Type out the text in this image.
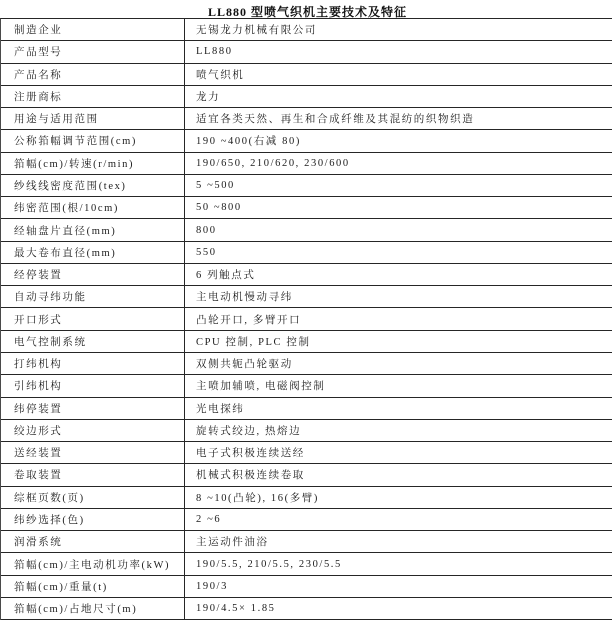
LL880 型喷气织机主要技术及特征
制造企业	无锡龙力机械有限公司
产品型号	LL880
产品名称	喷气织机
注册商标	龙力
用途与适用范围	适宜各类天然、再生和合成纤维及其混纺的织物织造
公称筘幅调节范围(cm)	190 ~400(右减 80)
筘幅(cm)/转速(r/min)	190/650, 210/620, 230/600
纱线线密度范围(tex)	5 ~500
纬密范围(根/10cm)	50 ~800
经轴盘片直径(mm)	800
最大卷布直径(mm)	550
经停装置	6 列触点式
自动寻纬功能	主电动机慢动寻纬
开口形式	凸轮开口, 多臂开口
电气控制系统	CPU 控制, PLC 控制
打纬机构	双侧共轭凸轮驱动
引纬机构	主喷加辅喷, 电磁阀控制
纬停装置	光电探纬
绞边形式	旋转式绞边, 热熔边
送经装置	电子式积极连续送经
卷取装置	机械式积极连续卷取
综框页数(页)	8 ~10(凸轮), 16(多臂)
纬纱选择(色)	2 ~6
润滑系统	主运动件油浴
筘幅(cm)/主电动机功率(kW)	190/5.5, 210/5.5, 230/5.5
筘幅(cm)/重量(t)	190/3
筘幅(cm)/占地尺寸(m)	190/4.5× 1.85
